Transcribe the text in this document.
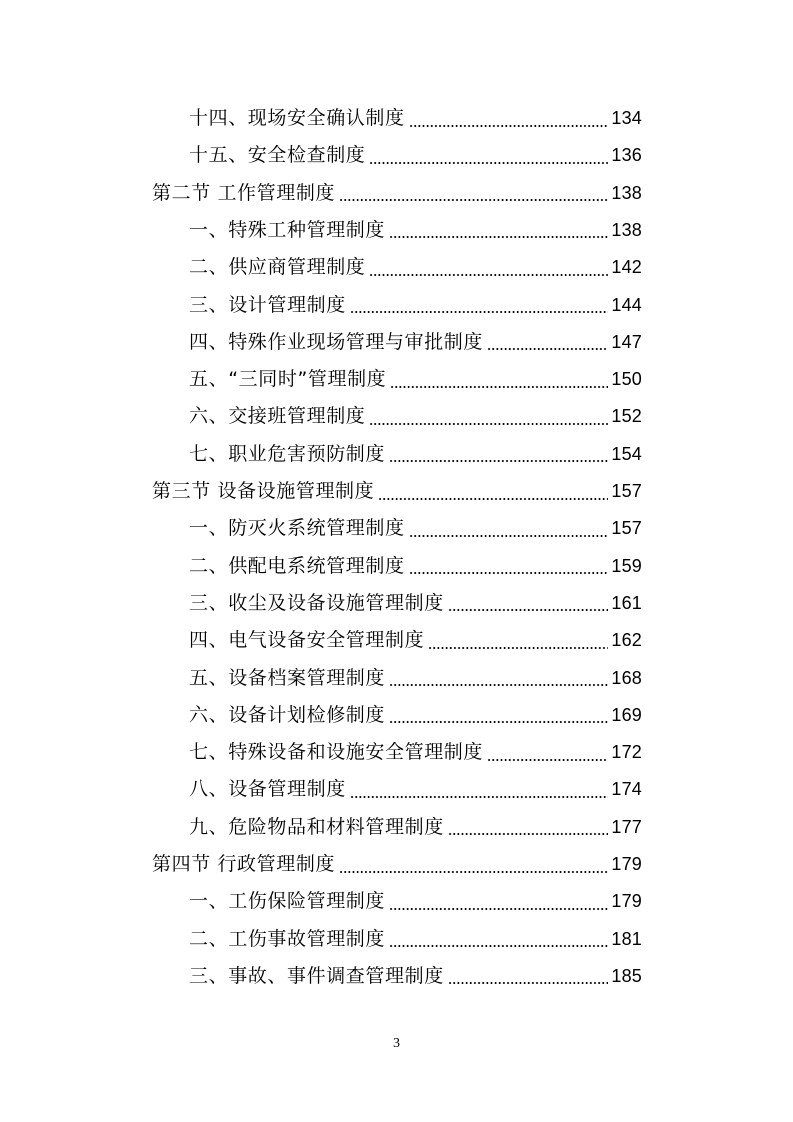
十四、现场安全确认制度	134
十五、安全检查制度	136
第二节 工作管理制度	138
一、特殊工种管理制度	138
二、供应商管理制度	142
三、设计管理制度	144
四、特殊作业现场管理与审批制度	147
五、“三同时”管理制度	150
六、交接班管理制度	152
七、职业危害预防制度	154
第三节 设备设施管理制度	157
一、防灭火系统管理制度	157
二、供配电系统管理制度	159
三、收尘及设备设施管理制度	161
四、电气设备安全管理制度	162
五、设备档案管理制度	168
六、设备计划检修制度	169
七、特殊设备和设施安全管理制度	172
八、设备管理制度	174
九、危险物品和材料管理制度	177
第四节 行政管理制度	179
一、工伤保险管理制度	179
二、工伤事故管理制度	181
三、事故、事件调查管理制度	185
3
